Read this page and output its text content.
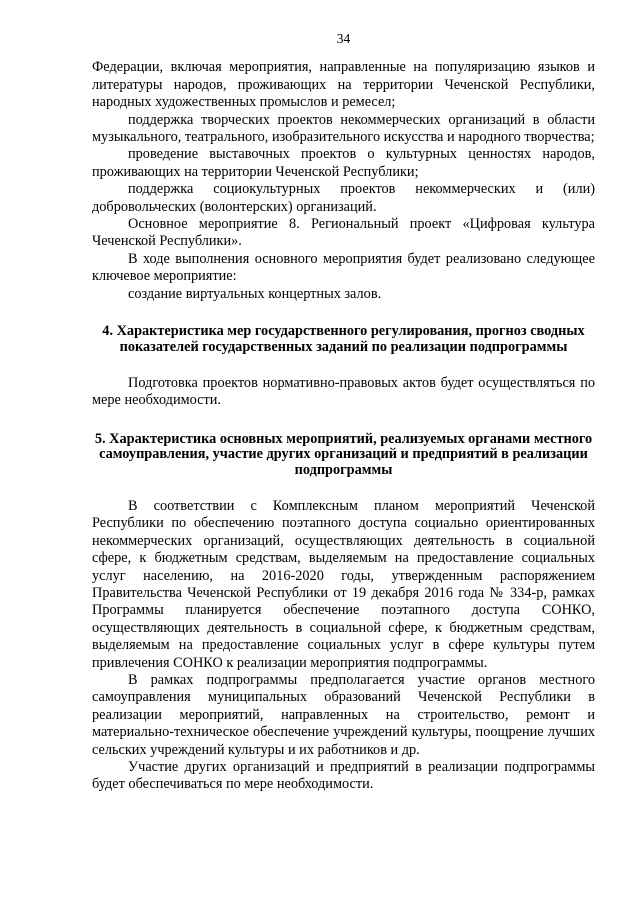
34

Федерации, включая мероприятия, направленные на популяризацию языков и литературы народов, проживающих на территории Чеченской Республики, народных художественных промыслов и ремесел;

поддержка творческих проектов некоммерческих организаций в области музыкального, театрального, изобразительного искусства и народного творчества;

проведение выставочных проектов о культурных ценностях народов, проживающих на территории Чеченской Республики;

поддержка социокультурных проектов некоммерческих и (или) добровольческих (волонтерских) организаций.

Основное мероприятие 8. Региональный проект «Цифровая культура Чеченской Республики».

В ходе выполнения основного мероприятия будет реализовано следующее ключевое мероприятие:

создание виртуальных концертных залов.

4. Характеристика мер государственного регулирования, прогноз сводных показателей государственных заданий по реализации подпрограммы

Подготовка проектов нормативно-правовых актов будет осуществляться по мере необходимости.

5. Характеристика основных мероприятий, реализуемых органами местного самоуправления, участие других организаций и предприятий в реализации подпрограммы

В соответствии с Комплексным планом мероприятий Чеченской Республики по обеспечению поэтапного доступа социально ориентированных некоммерческих организаций, осуществляющих деятельность в социальной сфере, к бюджетным средствам, выделяемым на предоставление социальных услуг населению, на 2016-2020 годы, утвержденным распоряжением Правительства Чеченской Республики от 19 декабря 2016 года № 334-р, рамках Программы планируется обеспечение поэтапного доступа СОНКО, осуществляющих деятельность в социальной сфере, к бюджетным средствам, выделяемым на предоставление социальных услуг в сфере культуры путем привлечения СОНКО к реализации мероприятия подпрограммы.

В рамках подпрограммы предполагается участие органов местного самоуправления муниципальных образований Чеченской Республики в реализации мероприятий, направленных на строительство, ремонт и материально-техническое обеспечение учреждений культуры, поощрение лучших сельских учреждений культуры и их работников и др.

Участие других организаций и предприятий в реализации подпрограммы будет обеспечиваться по мере необходимости.
